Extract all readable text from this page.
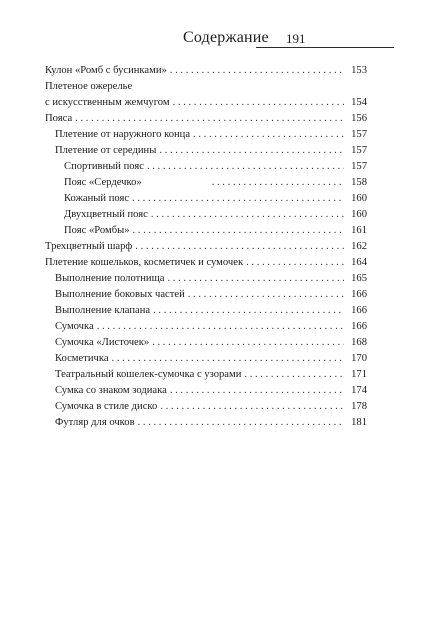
Содержание 191
Кулон «Ромб с бусинками» . . .	153
Плетеное ожерелье
с искусственным жемчугом . . .	154
Пояса . . .	156
Плетение от наружного конца . . .	157
Плетение от середины . . .	157
Спортивный пояс . . .	157
Пояс «Сердечко» . . .	158
Кожаный пояс . . .	160
Двухцветный пояс . . .	160
Пояс «Ромбы» . . .	161
Трехцветный шарф . . .	162
Плетение кошельков, косметичек и сумочек . . .	164
Выполнение полотнища . . .	165
Выполнение боковых частей . . .	166
Выполнение клапана . . .	166
Сумочка . . .	166
Сумочка «Листочек» . . .	168
Косметичка . . .	170
Театральный кошелек-сумочка с узорами . . .	171
Сумка со знаком зодиака . . .	174
Сумочка в стиле диско . . .	178
Футляр для очков . . .	181
